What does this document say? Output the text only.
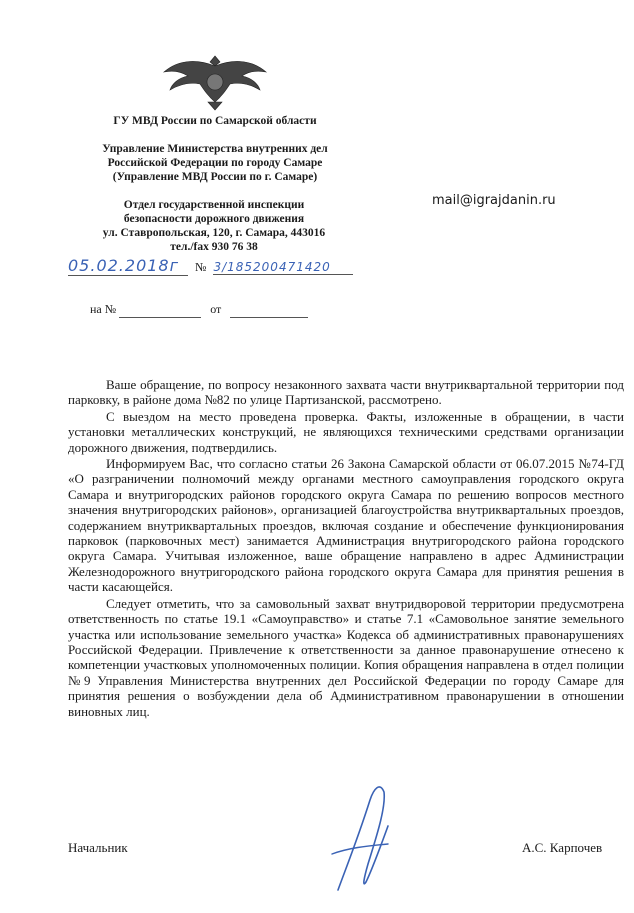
ГУ МВД России по Самарской области
Управление Министерства внутренних дел
Российской Федерации по городу Самаре
(Управление МВД России по г. Самаре)
Отдел государственной инспекции
безопасности дорожного движения
ул. Ставропольская, 120, г. Самара, 443016
тел./fax 930 76 38
mail@igrajdanin.ru
05.02.2018г № 3/185200471420
на №	от

Ваше обращение, по вопросу незаконного захвата части внутриквартальной территории под парковку, в районе дома №82 по улице Партизанской, рассмотрено.

С выездом на место проведена проверка. Факты, изложенные в обращении, в части установки металлических конструкций, не являющихся техническими средствами организации дорожного движения, подтвердились.

Информируем Вас, что согласно статьи 26 Закона Самарской области от 06.07.2015 №74-ГД «О разграничении полномочий между органами местного самоуправления городского округа Самара и внутригородских районов городского округа Самара по решению вопросов местного значения внутригородских районов», организацией благоустройства внутриквартальных проездов, содержанием внутриквартальных проездов, включая создание и обеспечение функционирования парковок (парковочных мест) занимается Администрация внутригородского района городского округа Самара. Учитывая изложенное, ваше обращение направлено в адрес Администрации Железнодорожного внутригородского района городского округа Самара для принятия решения в части касающейся.

Следует отметить, что за самовольный захват внутридворовой территории предусмотрена ответственность по статье 19.1 «Самоуправство» и статье 7.1 «Самовольное занятие земельного участка или использование земельного участка» Кодекса об административных правонарушениях Российской Федерации. Привлечение к ответственности за данное правонарушение отнесено к компетенции участковых уполномоченных полиции. Копия обращения направлена в отдел полиции №9 Управления Министерства внутренних дел Российской Федерации по городу Самаре для принятия решения о возбуждении дела об Административном правонарушении в отношении виновных лиц.

Начальник	А.С. Карпочев
